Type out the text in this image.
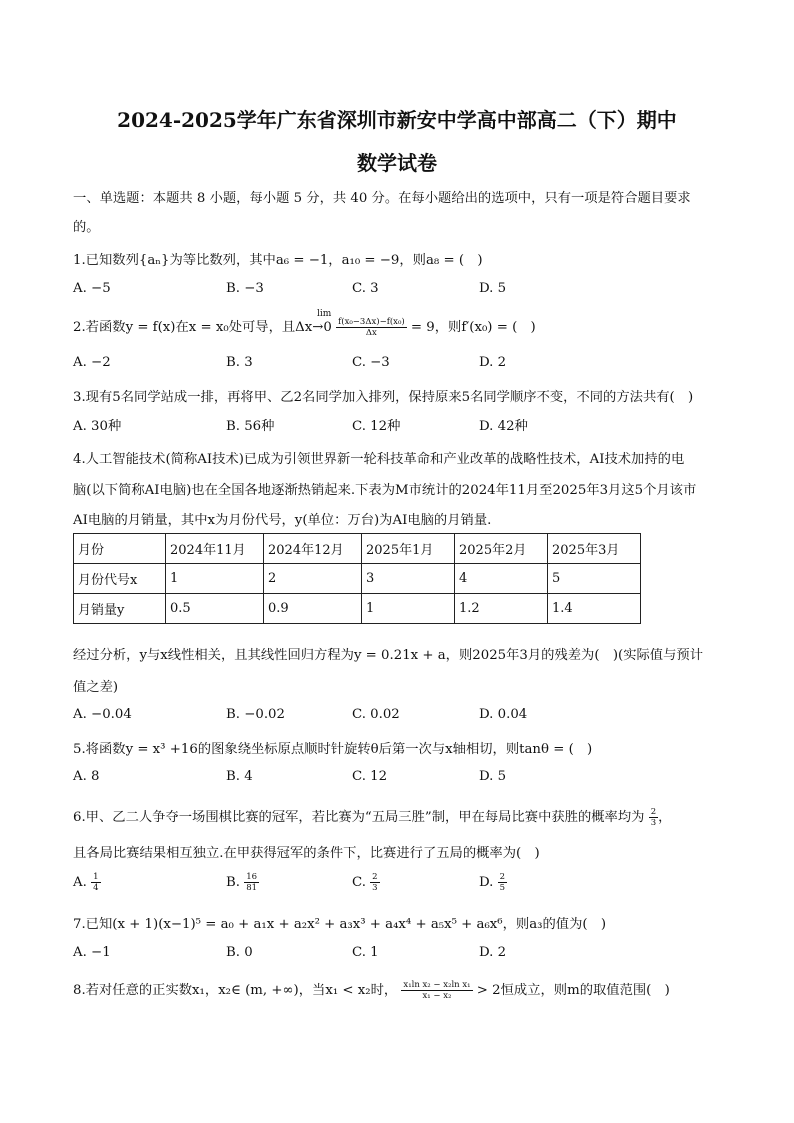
2024-2025学年广东省深圳市新安中学高中部高二（下）期中
数学试卷
一、单选题：本题共 8 小题，每小题 5 分，共 40 分。在每小题给出的选项中，只有一项是符合题目要求
的。
1.已知数列{aₙ}为等比数列，其中a₆ = −1，a₁₀ = −9，则a₈ = (　)
A. −5	B. −3	C. 3	D. 5
2.若函数y = f(x)在x = x₀处可导，且$\Delta x\to 0 \frac{\text{f(x₀−3Δx)−f(x₀)}}{\Delta x} = 9$，则f′(x₀) = (　)
lim
A. −2	B. 3	C. −3	D. 2
3.现有5名同学站成一排，再将甲、乙2名同学加入排列，保持原来5名同学顺序不变，不同的方法共有(　)
A. 30种	B. 56种	C. 12种	D. 42种
4.人工智能技术(简称AI技术)已成为引领世界新一轮科技革命和产业改革的战略性技术，AI技术加持的电
脑(以下简称AI电脑)也在全国各地逐渐热销起来.下表为M市统计的2024年11月至2025年3月这5个月该市
AI电脑的月销量，其中x为月份代号，y(单位：万台)为AI电脑的月销量.
月份	2024年11月	2024年12月	2025年1月	2025年2月	2025年3月
月份代号x	1	2	3	4	5
月销量y	0.5	0.9	1	1.2	1.4
经过分析，y与x线性相关，且其线性回归方程为y = 0.21x + a，则2025年3月的残差为(　)(实际值与预计
值之差)
A. −0.04	B. −0.02	C. 0.02	D. 0.04
5.将函数y = x³ +16的图象绕坐标原点顺时针旋转θ后第一次与x轴相切，则tanθ = (　)
A. 8	B. 4	C. 12	D. 5
6.甲、乙二人争夺一场围棋比赛的冠军，若比赛为“五局三胜”制，甲在每局比赛中获胜的概率均为 $\frac{2}{3}$ ，
且各局比赛结果相互独立.在甲获得冠军的条件下，比赛进行了五局的概率为(　)
A. $\frac{1}{4}$	B. $\frac{16}{81}$	C. $\frac{2}{3}$	D. $\frac{2}{5}$
7.已知(x + 1)(x−1)⁵ = a₀ + a₁x + a₂x² + a₃x³ + a₄x⁴ + a₅x⁵ + a₆x⁶，则a₃的值为(　)
A. −1	B. 0	C. 1	D. 2
8.若对任意的正实数x₁，x₂∈ (m, +∞)，当x₁ < x₂时， $\frac{\text{x₁ln x₂ − x₂ln x₁}}{\text{x₁ − x₂}} > 2$恒成立，则m的取值范围(　)
